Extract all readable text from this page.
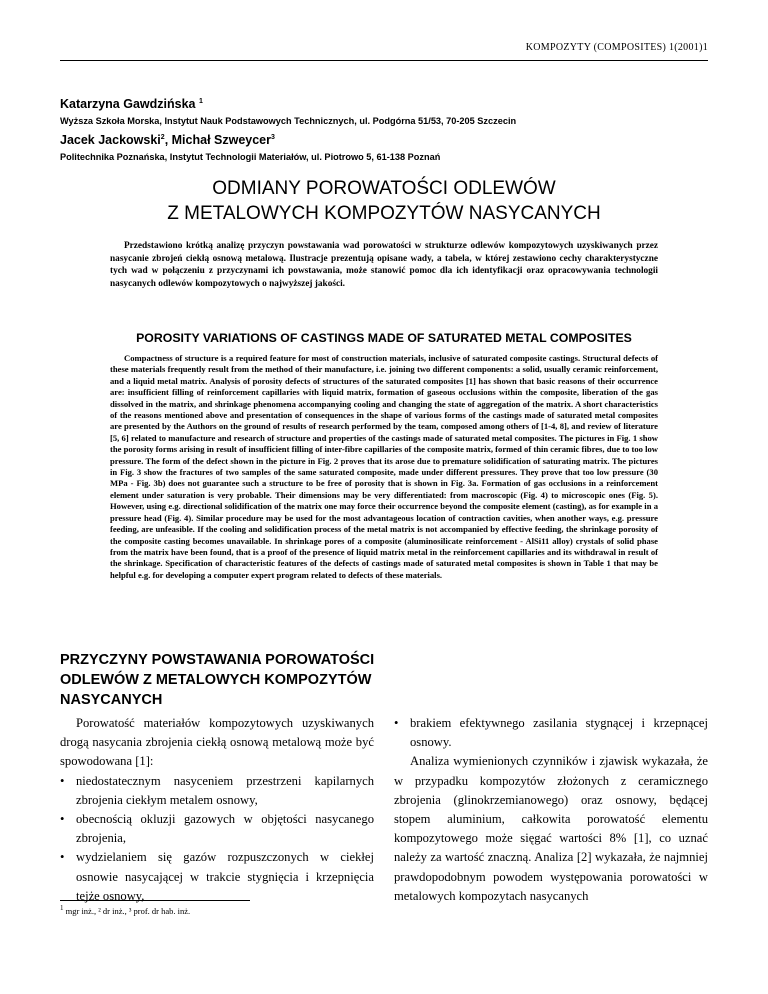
KOMPOZYTY (COMPOSITES) 1(2001)1
Katarzyna Gawdzińska $^1$
Wyższa Szkoła Morska, Instytut Nauk Podstawowych Technicznych, ul. Podgórna 51/53, 70-205 Szczecin
Jacek Jackowski$^2$, Michał Szweycer$^3$
Politechnika Poznańska, Instytut Technologii Materiałów, ul. Piotrowo 5, 61-138 Poznań
ODMIANY POROWATOŚCI ODLEWÓW
Z METALOWYCH KOMPOZYTÓW NASYCANYCH
Przedstawiono krótką analizę przyczyn powstawania wad porowatości w strukturze odlewów kompozytowych uzyskiwanych przez nasycanie zbrojeń ciekłą osnową metalową. Ilustracje prezentują opisane wady, a tabela, w której zestawiono cechy charakterystyczne tych wad w połączeniu z przyczynami ich powstawania, może stanowić pomoc dla ich identyfikacji oraz opracowywania technologii nasycanych odlewów kompozytowych o najwyższej jakości.
POROSITY VARIATIONS OF CASTINGS MADE OF SATURATED METAL COMPOSITES
Compactness of structure is a required feature for most of construction materials, inclusive of saturated composite castings. Structural defects of these materials frequently result from the method of their manufacture, i.e. joining two different components: a solid, usually ceramic reinforcement, and a liquid metal matrix. Analysis of porosity defects of structures of the saturated composites [1] has shown that basic reasons of their occurrence are: insufficient filling of reinforcement capillaries with liquid matrix, formation of gaseous occlusions within the composite, liberation of the gas dissolved in the matrix, and shrinkage phenomena accompanying cooling and changing the state of aggregation of the matrix. A short characteristics of the reasons mentioned above and presentation of consequences in the shape of various forms of the castings made of saturated metal composites are presented by the Authors on the ground of results of research performed by the team, composed among others of [1-4, 8], and review of literature [5, 6] related to manufacture and research of structure and properties of the castings made of saturated metal composites. The pictures in Fig. 1 show the porosity forms arising in result of insufficient filling of inter-fibre capillaries of the composite matrix, formed of thin ceramic fibres, due to too low pressure. The form of the defect shown in the picture in Fig. 2 proves that its arose due to premature solidification of saturating matrix. The pictures in Fig. 3 show the fractures of two samples of the same saturated composite, made under different pressures. They prove that too low pressure (30 MPa - Fig. 3b) does not guarantee such a structure to be free of porosity that is shown in Fig. 3a. Formation of gas occlusions in a reinforcement element under saturation is very probable. Their dimensions may be very differentiated: from macroscopic (Fig. 4) to microscopic ones (Fig. 5). However, using e.g. directional solidification of the matrix one may force their occurrence beyond the composite element (casting), as for example in a pressure head (Fig. 4). Similar procedure may be used for the most advantageous location of contraction cavities, when another ways, e.g. pressure feeding, are unfeasible. If the cooling and solidification process of the metal matrix is not accompanied by effective feeding, the shrinkage porosity of the composite casting becomes unavailable. In shrinkage pores of a composite (aluminosilicate reinforcement - AlSi11 alloy) crystals of solid phase from the matrix have been found, that is a proof of the presence of liquid matrix metal in the reinforcement capillaries and its withdrawal in result of the shrinkage. Specification of characteristic features of the defects of castings made of saturated metal composites is shown in Table 1 that may be helpful e.g. for developing a computer expert program related to defects of these materials.
PRZYCZYNY POWSTAWANIA POROWATOŚCI ODLEWÓW Z METALOWYCH KOMPOZYTÓW NASYCANYCH

Porowatość materiałów kompozytowych uzyskiwanych drogą nasycania zbrojenia ciekłą osnową metalową może być spowodowana [1]:

• niedostatecznym nasyceniem przestrzeni kapilarnych zbrojenia ciekłym metalem osnowy,
• obecnością okluzji gazowych w objętości nasycanego zbrojenia,
• wydzielaniem się gazów rozpuszczonych w ciekłej osnowie nasycającej w trakcie stygnięcia i krzepnięcia tejże osnowy,
• brakiem efektywnego zasilania stygnącej i krzepnącej osnowy.

Analiza wymienionych czynników i zjawisk wykazała, że w przypadku kompozytów złożonych z ceramicznego zbrojenia (glinokrzemianowego) oraz osnowy, będącej stopem aluminium, całkowita porowatość elementu kompozytowego może sięgać wartości 8% [1], co uznać należy za wartość znaczną. Analiza [2] wykazała, że najmniej prawdopodobnym powodem występowania porowatości w metalowych kompozytach nasycanych

$^1$ mgr inż., ² dr inż., ³ prof. dr hab. inż.
